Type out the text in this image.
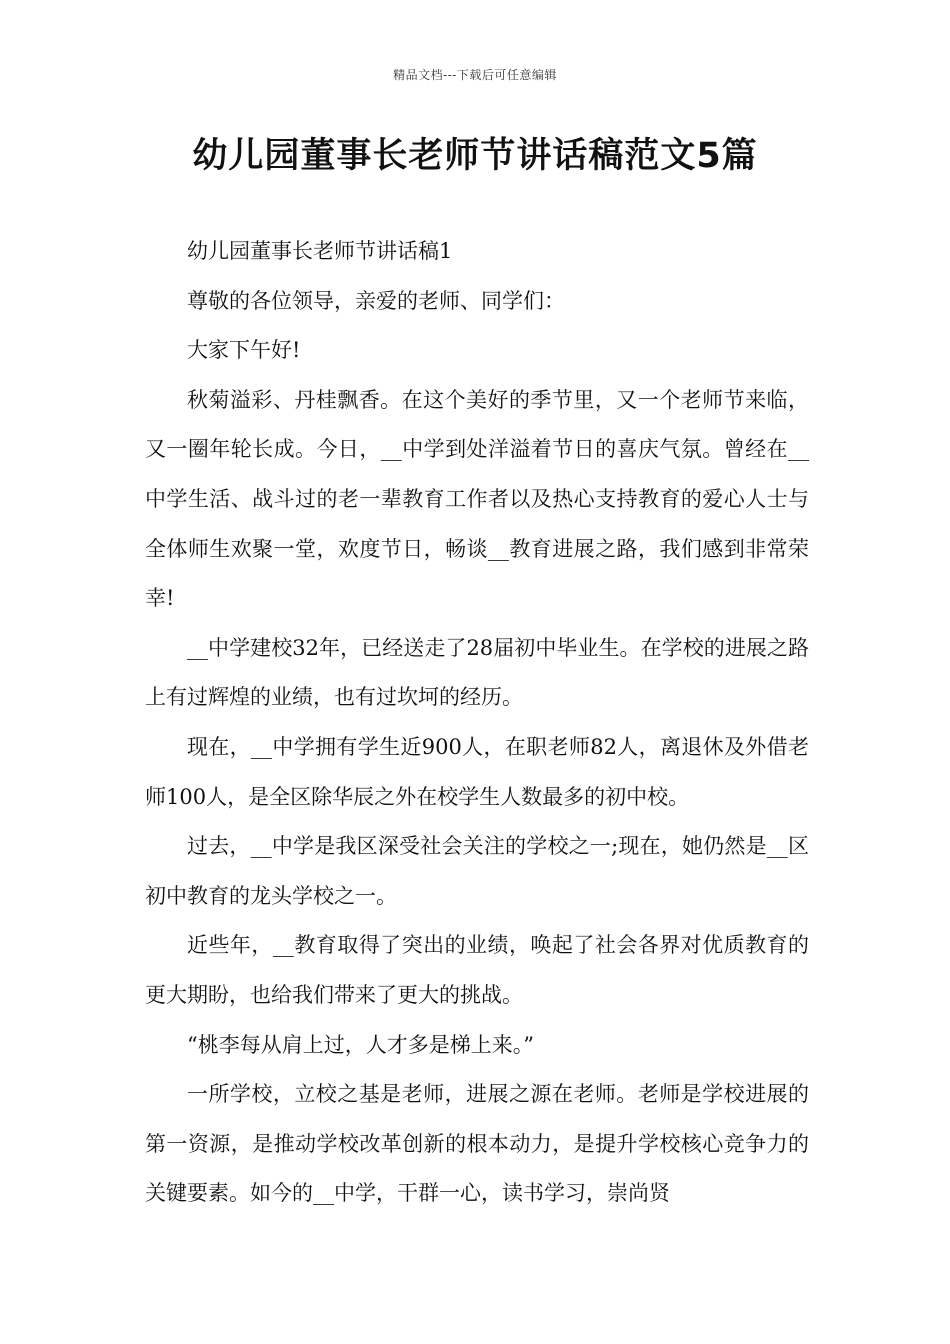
精品文档---下载后可任意编辑
幼儿园董事长老师节讲话稿范文5篇

幼儿园董事长老师节讲话稿1

尊敬的各位领导，亲爱的老师、同学们：

大家下午好!

秋菊溢彩、丹桂飘香。在这个美好的季节里，又一个老师节来临，又一圈年轮长成。今日，__中学到处洋溢着节日的喜庆气氛。曾经在__中学生活、战斗过的老一辈教育工作者以及热心支持教育的爱心人士与全体师生欢聚一堂，欢度节日，畅谈__教育进展之路，我们感到非常荣幸!

__中学建校32年，已经送走了28届初中毕业生。在学校的进展之路上有过辉煌的业绩，也有过坎坷的经历。

现在，__中学拥有学生近900人，在职老师82人，离退休及外借老师100人，是全区除华辰之外在校学生人数最多的初中校。

过去，__中学是我区深受社会关注的学校之一;现在，她仍然是__区初中教育的龙头学校之一。

近些年，__教育取得了突出的业绩，唤起了社会各界对优质教育的更大期盼，也给我们带来了更大的挑战。

“桃李每从肩上过，人才多是梯上来。”

一所学校，立校之基是老师，进展之源在老师。老师是学校进展的第一资源，是推动学校改革创新的根本动力，是提升学校核心竞争力的关键要素。如今的__中学，干群一心，读书学习，崇尚贤
